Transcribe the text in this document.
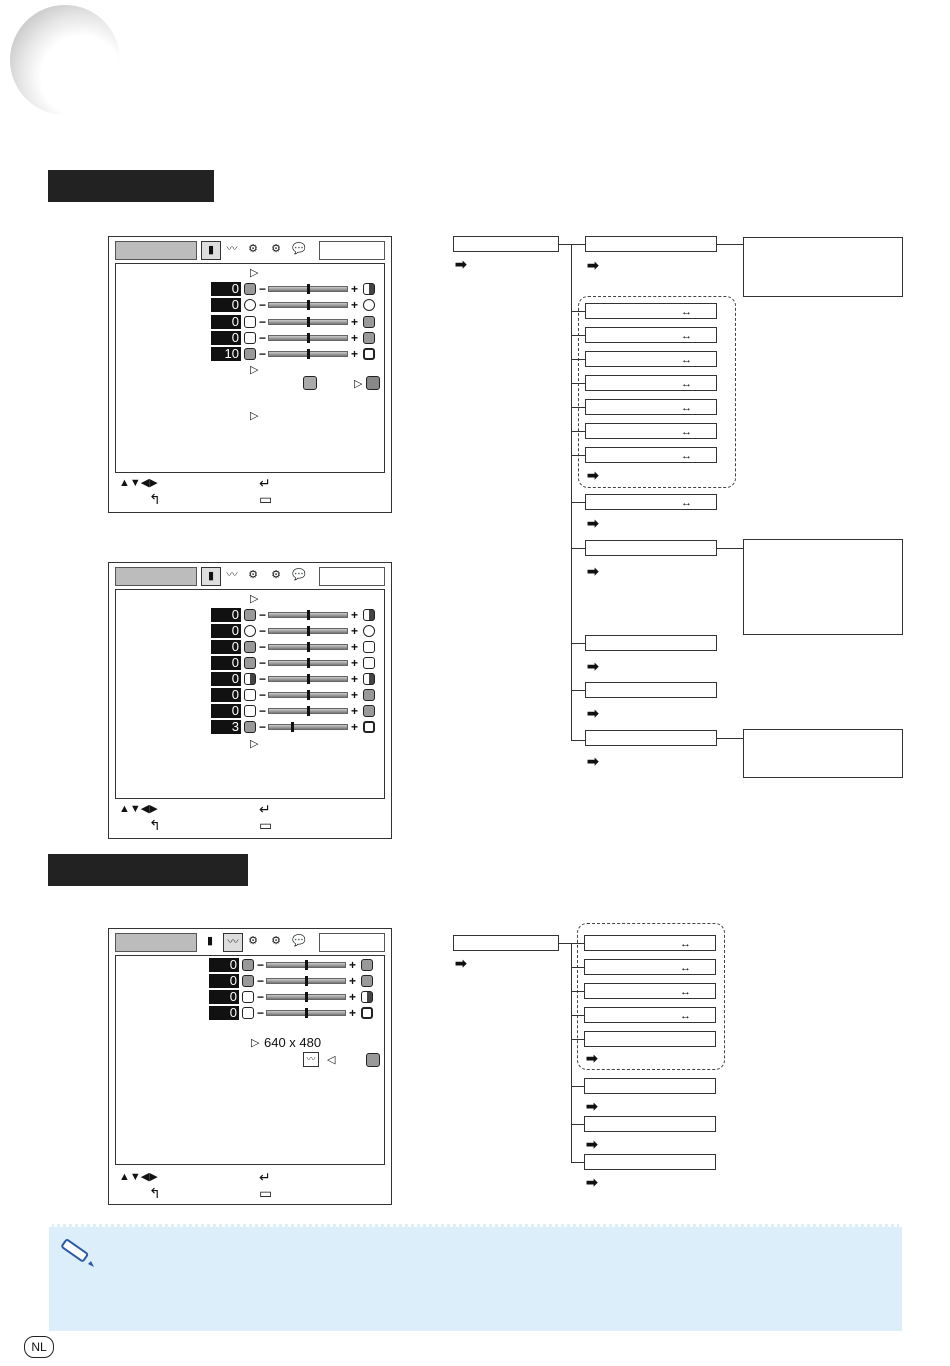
▮	〰 ⚙	⚙	💬
▷
0 −	+
0 −	+
0 −	+
0 −	+
10 −	+
▷
▷
▷
▲▼◀▶	↵
↰	▭
▮	〰 ⚙	⚙	💬
▷
0 −	+
0 −	+
0 −	+
0 −	+
0 −	+
0 −	+
0 −	+
3 −	+
▷
▲▼◀▶	↵
↰	▭
▮	〰 ⚙	⚙	💬
0 −	+
0 −	+
0 −	+
0 −	+
▷ 640 x 480
〰	◁
▲▼◀▶	↵
↰	▭
➡	➡
↔
↔
↔
↔
↔
↔
↔
➡
↔
➡
➡
➡
➡
➡
➡
↔
↔
↔
↔
➡
➡
➡
➡
NL
